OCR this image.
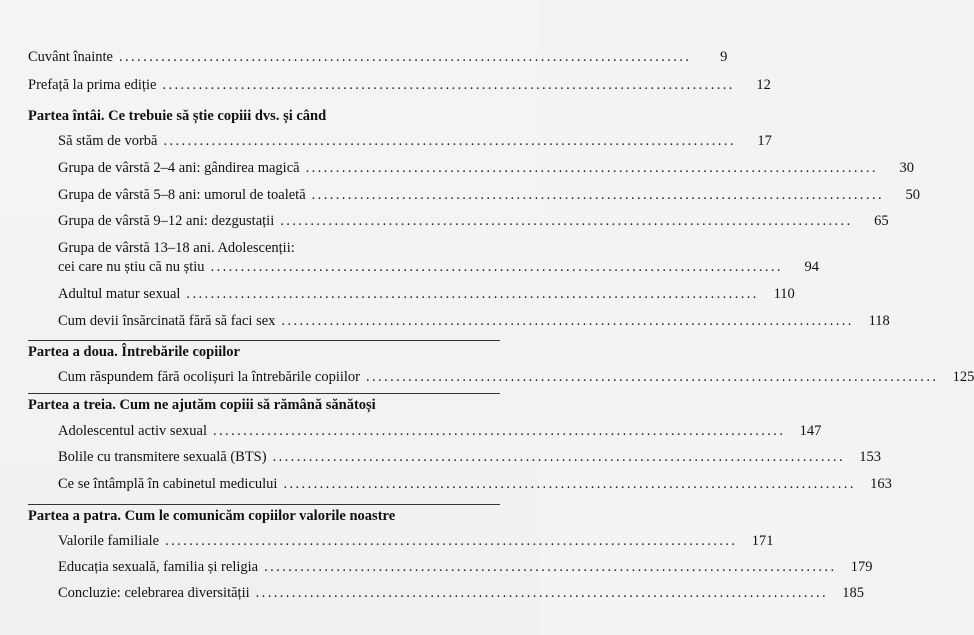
Cuvânt înainte ...............................................................................................	9
Prefață la prima ediție ...............................................................................................	12
Partea întâi. Ce trebuie să știe copiii dvs. și când
Să stăm de vorbă ...............................................................................................	17
Grupa de vârstă 2–4 ani: gândirea magică ...............................................................................................	30
Grupa de vârstă 5–8 ani: umorul de toaletă ...............................................................................................	50
Grupa de vârstă 9–12 ani: dezgustații ...............................................................................................	65
Grupa de vârstă 13–18 ani. Adolescenții:
cei care nu știu că nu știu ...............................................................................................	94
Adultul matur sexual ...............................................................................................	110
Cum devii însărcinată fără să faci sex ...............................................................................................	118
Partea a doua. Întrebările copiilor
Cum răspundem fără ocolișuri la întrebările copiilor ............................................................................................... 125
Partea a treia. Cum ne ajutăm copiii să rămână sănătoși
Adolescentul activ sexual ............................................................................................... 147
Bolile cu transmitere sexuală (BTS) ............................................................................................... 153
Ce se întâmplă în cabinetul medicului ............................................................................................... 163
Partea a patra. Cum le comunicăm copiilor valorile noastre
Valorile familiale ............................................................................................... 171
Educația sexuală, familia și religia ............................................................................................... 179
Concluzie: celebrarea diversității ............................................................................................... 185
